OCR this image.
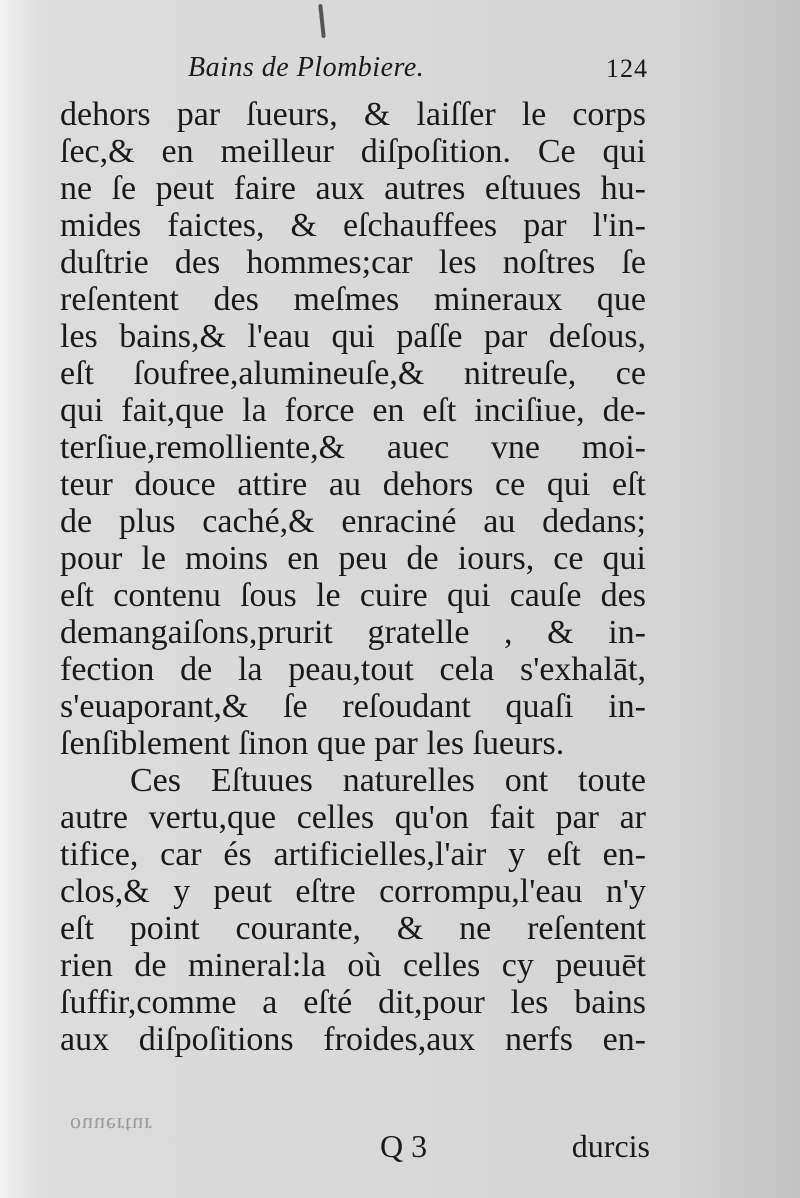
Bains de Plombiere.	124
dehors par ſueurs, & laiſſer le corps
ſec,& en meilleur diſpoſition. Ce qui
ne ſe peut faire aux autres eſtuues hu-
mides faictes, & eſchauffees par l'in-
duſtrie des hommes;car les noſtres ſe
reſentent des meſmes mineraux que
les bains,& l'eau qui paſſe par deſous,
eſt ſoufree,alumineuſe,& nitreuſe, ce
qui fait,que la force en eſt inciſiue, de-
terſiue,remolliente,& auec vne moi-
teur douce attire au dehors ce qui eſt
de plus caché,& enraciné au dedans;
pour le moins en peu de iours, ce qui
eſt contenu ſous le cuire qui cauſe des
demangaiſons,prurit gratelle , & in-
fection de la peau,tout cela s'exhalāt,
s'euaporant,& ſe reſoudant quaſi in-
ſenſiblement ſinon que par les ſueurs.
Ces Eſtuues naturelles ont toute
autre vertu,que celles qu'on fait par ar
tifice, car és artificielles,l'air y eſt en-
clos,& y peut eſtre corrompu,l'eau n'y
eſt point courante, & ne reſentent
rien de mineral:la où celles cy peuuēt
ſuffir,comme a eſté dit,pour les bains
aux diſpoſitions froides,aux nerfs en-
ouuertur
Q 3	durcis
